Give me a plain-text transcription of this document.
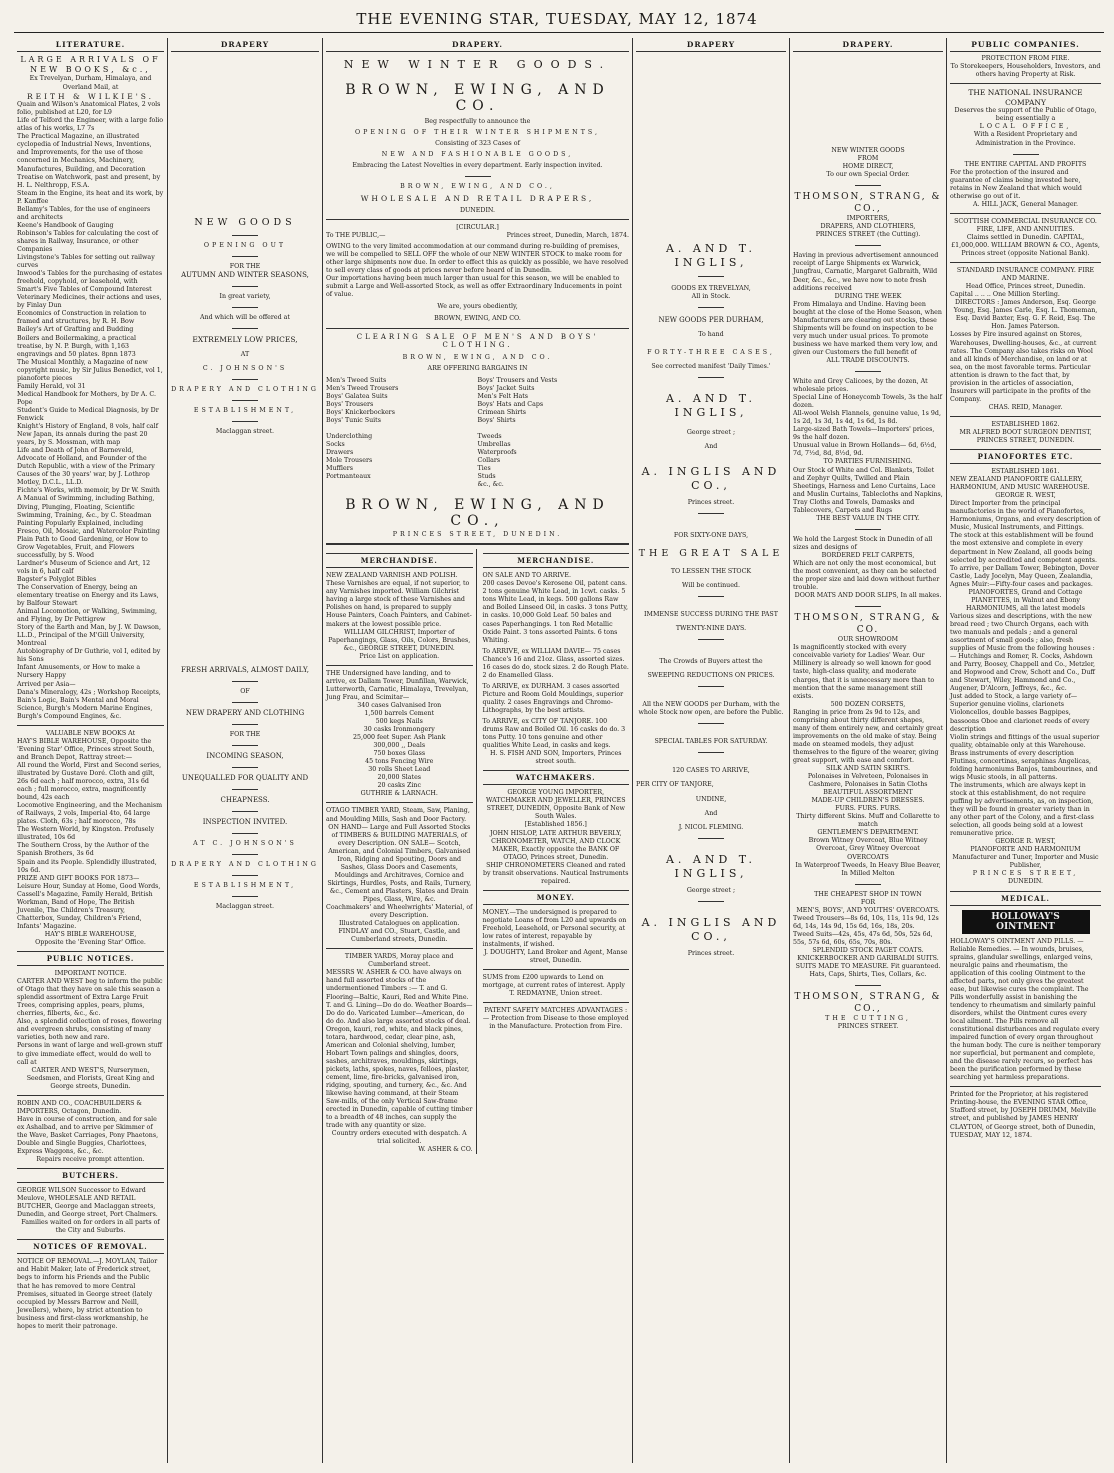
THE EVENING STAR, TUESDAY, MAY 12, 1874
LITERATURE.

LARGE ARRIVALS OF NEW BOOKS, &c.,

Ex Trevelyan, Durham, Himalaya, and Overland Mail, at

REITH & WILKIE'S.

Quain and Wilson's Anatomical Plates, 2 vols folio, published at L20, for L9

Life of Telford the Engineer, with a large folio atlas of his works, L7 7s

The Practical Magazine, an illustrated cyclopedia of Industrial News, Inventions, and Improvements, for the use of those concerned in Mechanics, Machinery, Manufactures, Building, and Decoration

Treatise on Watchwork, past and present, by H. L. Nelthropp, F.S.A.

Steam in the Engine, its heat and its work, by P. Kanffee

Bellamy's Tables, for the use of engineers and architects

Keene's Handbook of Gauging

Robinson's Tables for calculating the cost of shares in Railway, Insurance, or other Companies

Livingstone's Tables for setting out railway curves

Inwood's Tables for the purchasing of estates freehold, copyhold, or leasehold, with Smart's Five Tables of Compound Interest

Veterinary Medicines, their actions and uses, by Finlay Dun

Economics of Construction in relation to framed and structures, by R. H. Bow

Bailey's Art of Grafting and Budding

Boilers and Boilermaking, a practical treatise, by N. P. Burgh, with 1,163 engravings and 50 plates. 8pnn 1873

The Musical Monthly, a Magazine of new copyright music, by Sir Julius Benedict, vol 1, pianoforte pieces

Family Herald, vol 31

Medical Handbook for Mothers, by Dr A. C. Pope

Student's Guide to Medical Diagnosis, by Dr Fenwick

Knight's History of England, 8 vols, half calf

New Japan, its annals during the past 20 years, by S. Mossman, with map

Life and Death of John of Barneveld, Advocate of Holland, and Founder of the Dutch Republic, with a view of the Primary Causes of the 30 years' war, by J. Lothrop Motley, D.C.L., LL.D.

Fichte's Works, with memoir, by Dr W. Smith

A Manual of Swimming, including Bathing, Diving, Plunging, Floating, Scientific Swimming, Training, &c., by C. Steadman

Painting Popularly Explained, including Fresco, Oil, Mosaic, and Watercolor Painting

Plain Path to Good Gardening, or How to Grow Vegetables, Fruit, and Flowers successfully, by S. Wood

Lardner's Museum of Science and Art, 12 vols in 6, half calf

Bagster's Polyglot Bibles

The Conservation of Energy, being an elementary treatise on Energy and its Laws, by Balfour Stewart

Animal Locomotion, or Walking, Swimming, and Flying, by Dr Pettigrew

Story of the Earth and Man, by J. W. Dawson, LL.D., Principal of the M'Gill University, Montreal

Autobiography of Dr Guthrie, vol I, edited by his Sons

Infant Amusements, or How to make a Nursery Happy

Arrived per Asia—

Dana's Mineralogy, 42s ; Workshop Receipts, Bain's Logic, Bain's Mental and Moral Science, Burgh's Modern Marine Engines, Burgh's Compound Engines, &c.

VALUABLE NEW BOOKS At

HAY'S BIBLE WAREHOUSE, Opposite the 'Evening Star' Office, Princes street South, and Branch Depot, Rattray street:—

All round the World, First and Second series, illustrated by Gustave Doré. Cloth and gilt, 26s 6d each ; half morocco, extra, 31s 6d each ; full morocco, extra, magnificently bound, 42s each

Locomotive Engineering, and the Mechanism of Railways, 2 vols, Imperial 4to, 64 large plates. Cloth, 63s ; half morocco, 78s

The Western World, by Kingston. Profusely illustrated, 10s 6d

The Southern Cross, by the Author of the Spanish Brothers, 3s 6d

Spain and its People. Splendidly illustrated, 10s 6d.

PRIZE AND GIFT BOOKS FOR 1873— Leisure Hour, Sunday at Home, Good Words, Cassell's Magazine, Family Herald, British Workman, Band of Hope, The British Juvenile, The Children's Treasury, Chatterbox, Sunday, Children's Friend, Infants' Magazine.

HAY'S BIBLE WAREHOUSE,

Opposite the 'Evening Star' Office.

PUBLIC NOTICES.

IMPORTANT NOTICE.

CARTER AND WEST beg to inform the public of Otago that they have on sale this season a splendid assortment of Extra Large Fruit Trees, comprising apples, pears, plums, cherries, filberts, &c., &c.

Also, a splendid collection of roses, flowering and evergreen shrubs, consisting of many varieties, both new and rare.

Persons in want of large and well-grown stuff to give immediate effect, would do well to call at

CARTER AND WEST'S, Nurserymen, Seedsmen, and Florists, Great King and George streets, Dunedin.

ROBIN AND CO., COACHBUILDERS & IMPORTERS, Octagon, Dunedin.

Have in course of construction, and for sale ex Ashalbad, and to arrive per Skimmer of the Wave, Basket Carriages, Pony Phaetons, Double and Single Buggies, Charlottees, Express Waggons, &c., &c.

Repairs receive prompt attention.

BUTCHERS.

GEORGE WILSON Successor to Edward Meulove, WHOLESALE AND RETAIL BUTCHER, George and Maclaggan streets, Dunedin, and George street, Port Chalmers.

Families waited on for orders in all parts of the City and Suburbs.

NOTICES OF REMOVAL.

NOTICE OF REMOVAL.—J. MOYLAN, Tailor and Habit Maker, late of Frederick street, begs to inform his Friends and the Public that he has removed to more Central Premises, situated in George street (lately occupied by Messrs Barrow and Neill, Jewellers), where, by strict attention to business and first-class workmanship, he hopes to merit their patronage.

DRAPERY

NEW GOODS

OPENING OUT

FOR THE

AUTUMN AND WINTER SEASONS,

In great variety,

And which will be offered at

EXTREMELY LOW PRICES,

AT

C. JOHNSON'S

DRAPERY AND CLOTHING

ESTABLISHMENT,

Maclaggan street.

FRESH ARRIVALS, ALMOST DAILY,

OF

NEW DRAPERY AND CLOTHING

FOR THE

INCOMING SEASON,

UNEQUALLED FOR QUALITY AND

CHEAPNESS.

INSPECTION INVITED.

AT C. JOHNSON'S

DRAPERY AND CLOTHING

ESTABLISHMENT,

Maclaggan street.

DRAPERY.

NEW WINTER GOODS.

BROWN, EWING, AND CO.

Beg respectfully to announce the

OPENING OF THEIR WINTER SHIPMENTS,

Consisting of 323 Cases of

NEW AND FASHIONABLE GOODS,

Embracing the Latest Novelties in every department. Early inspection invited.

BROWN, EWING, AND CO.,

WHOLESALE AND RETAIL DRAPERS,

DUNEDIN.

[CIRCULAR.]

To THE PUBLIC,—	Princes street, Dunedin, March, 1874.

OWING to the very limited accommodation at our command during re-building of premises, we will be compelled to SELL OFF the whole of our NEW WINTER STOCK to make room for other large shipments now due. In order to effect this as quickly as possible, we have resolved to sell every class of goods at prices never before heard of in Dunedin.

Our importations having been much larger than usual for this season, we will be enabled to submit a Large and Well-assorted Stock, as well as offer Extraordinary Inducements in point of value.

We are, yours obediently,

BROWN, EWING, AND CO.

CLEARING SALE OF MEN'S AND BOYS' CLOTHING.

BROWN, EWING, AND CO.

ARE OFFERING BARGAINS IN

Men's Tweed Suits

Men's Tweed Trousers

Boys' Galatea Suits

Boys' Trousers

Boys' Knickerbockers

Boys' Tunic Suits

Underclothing

Socks

Drawers

Mole Trousers

Mufflers

Portmanteaux

Boys' Trousers and Vests

Boys' Jacket Suits

Men's Felt Hats

Boys' Hats and Caps

Crimean Shirts

Boys' Shirts

Tweeds

Umbrellas

Waterproofs

Collars

Ties

Studs

&c., &c.

BROWN, EWING, AND CO.,

PRINCES STREET, DUNEDIN.

MERCHANDISE.

NEW ZEALAND VARNISH AND POLISH.

These Varnishes are equal, if not superior, to any Varnishes imported. William Gilchrist having a large stock of these Varnishes and Polishes on hand, is prepared to supply House Painters, Coach Painters, and Cabinet-makers at the lowest possible price.

WILLIAM GILCHRIST, Importer of Paperhangings, Glass, Oils, Colors, Brushes, &c., GEORGE STREET, DUNEDIN.

Price List on application.

THE Undersigned have landing, and to arrive, ex Dallam Tower, Dunfillan, Warwick, Lutterworth, Carnatic, Himalaya, Trevelyan, Jung Frau, and Scimitar—

340 cases Galvanised Iron

1,500 barrels Cement

500 kegs Nails

30 casks Ironmongery

25,000 feet Super. Ash Plank

300,000 ,, Deals

750 boxes Glass

45 tons Fencing Wire

30 rolls Sheet Lead

20,000 Slates

20 casks Zinc

GUTHRIE & LARNACH.

OTAGO TIMBER YARD, Steam, Saw, Planing, and Moulding Mills, Sash and Door Factory.

ON HAND— Large and Full Assorted Stocks of TIMBERS & BUILDING MATERIALS, of every Description. ON SALE— Scotch, American, and Colonial Timbers, Galvanised Iron, Ridging and Spouting, Doors and Sashes, Glass Doors and Casements, Mouldings and Architraves, Cornice and Skirtings, Hurdles, Posts, and Rails, Turnery, &c., Cement and Plasters, Slates and Drain Pipes, Glass, Wire, &c.

Coachmakers' and Wheelwrights' Material, of every Description.

Illustrated Catalogues on application. FINDLAY and CO., Stuart, Castle, and Cumberland streets, Dunedin.

TIMBER YARDS, Moray place and Cumberland street.

MESSRS W. ASHER & CO. have always on hand full assorted stocks of the undermentioned Timbers :— T. and G. Flooring—Baltic, Kauri, Red and White Pine. T. and G. Lining—Do do do. Weather Boards—Do do do. Varicated Lumber—American, do do do. And also large assorted stocks of deal. Oregon, kauri, red, white, and black pines, totara, hardwood, cedar, clear pine, ash, American and Colonial shelving, lumber, Hobart Town palings and shingles, doors, sashes, architraves, mouldings, skirtings, pickets, laths, spokes, naves, felloes, plaster, cement, lime, fire-bricks, galvanised iron, ridging, spouting, and turnery, &c., &c. And likewise having command, at their Steam Saw-mills, of the only Vertical Saw-frame erected in Dunedin, capable of cutting timber to a breadth of 48 inches, can supply the trade with any quantity or size.

Country orders executed with despatch. A trial solicited.

W. ASHER & CO.

MERCHANDISE.

ON SALE AND TO ARRIVE.

200 cases Devoe's Kerosene Oil, patent cans. 2 tons genuine White Lead, in 1cwt. casks. 5 tons White Lead, in kegs. 500 gallons Raw and Boiled Linseed Oil, in casks. 3 tons Putty, in casks. 10,000 Gold Leaf. 50 bales and cases Paperhangings. 1 ton Red Metallic Oxide Paint. 3 tons assorted Paints. 6 tons Whiting.

To ARRIVE, ex WILLIAM DAVIE— 75 cases Chance's 16 and 21oz. Glass, assorted sizes. 16 cases do do, stock sizes. 2 do Rough Plate. 2 do Enamelled Glass.

To ARRIVE, ex DURHAM. 3 cases assorted Picture and Room Gold Mouldings, superior quality. 2 cases Engravings and Chromo-Lithographs, by the best artists.

To ARRIVE, ex CITY OF TANJORE. 100 drums Raw and Boiled Oil. 16 casks do do. 3 tons Putty. 10 tons genuine and other qualities White Lead, in casks and kegs.

H. S. FISH AND SON, Importers, Princes street south.

WATCHMAKERS.

GEORGE YOUNG IMPORTER, WATCHMAKER AND JEWELLER, PRINCES STREET, DUNEDIN, Opposite Bank of New South Wales.

[Established 1856.]

JOHN HISLOP, LATE ARTHUR BEVERLY, CHRONOMETER, WATCH, AND CLOCK MAKER, Exactly opposite the BANK OF OTAGO, Princes street, Dunedin.

SHIP CHRONOMETERS Cleaned and rated by transit observations. Nautical Instruments repaired.

MONEY.

MONEY.—The undersigned is prepared to negotiate Loans of from L20 and upwards on Freehold, Leasehold, or Personal security, at low rates of interest, repayable by instalments, if wished.

J. DOUGHTY, Land Broker and Agent, Manse street, Dunedin.

SUMS from £200 upwards to Lend on mortgage, at current rates of interest. Apply

T. REDMAYNE, Union street.

PATENT SAFETY MATCHES ADVANTAGES :— Protection from Disease to those employed in the Manufacture. Protection from Fire.

DRAPERY

A. AND T. INGLIS,

GOODS EX TREVELYAN,

All in Stock.

NEW GOODS PER DURHAM,

To hand

FORTY-THREE CASES,

See corrected manifest 'Daily Times.'

A. AND T. INGLIS,

George street ;

And

A. INGLIS AND CO.,

Princes street.

FOR SIXTY-ONE DAYS,

THE GREAT SALE

TO LESSEN THE STOCK

Will be continued.

IMMENSE SUCCESS DURING THE PAST

TWENTY-NINE DAYS.

The Crowds of Buyers attest the

SWEEPING REDUCTIONS ON PRICES.

All the NEW GOODS per Durham, with the whole Stock now open, are before the Public.

SPECIAL TABLES FOR SATURDAY.

120 CASES TO ARRIVE,

PER CITY OF TANJORE,

UNDINE,

And

J. NICOL FLEMING.

A. AND T. INGLIS,

George street ;

A. INGLIS AND CO.,

Princes street.

DRAPERY.

NEW WINTER GOODS

FROM

HOME DIRECT,

To our own Special Order.

THOMSON, STRANG, & CO.,

IMPORTERS,

DRAPERS, AND CLOTHIERS,

PRINCES STREET (the Cutting).

Having in previous advertisement announced receipt of Large Shipments ex Warwick, Jungfrau, Carnatic, Margaret Galbraith, Wild Deer, &c., &c., we have now to note fresh additions received

DURING THE WEEK

From Himalaya and Undine. Having been bought at the close of the Home Season, when Manufacturers are clearing out stocks, these Shipments will be found on inspection to be very much under usual prices. To promote business we have marked them very low, and given our Customers the full benefit of

ALL TRADE DISCOUNTS.

White and Grey Calicoes, by the dozen, At wholesale prices.

Special Line of Honeycomb Towels, 3s the half dozen.

All-wool Welsh Flannels, genuine value, 1s 9d, 1s 2d, 1s 3d, 1s 4d, 1s 6d, 1s 8d.

Large-sized Bath Towels—Importers' prices, 9s the half dozen.

Unusual value in Brown Hollands— 6d, 6½d, 7d, 7½d, 8d, 8½d, 9d.

TO PARTIES FURNISHING.

Our Stock of White and Col. Blankets, Toilet and Zephyr Quilts, Twilled and Plain Sheetings, Harness and Leno Curtains, Lace and Muslin Curtains, Tablecloths and Napkins, Tray Cloths and Towels, Damasks and Tablecovers, Carpets and Rugs

THE BEST VALUE IN THE CITY.

We hold the Largest Stock in Dunedin of all sizes and designs of

BORDERED FELT CARPETS,

Which are not only the most economical, but the most convenient, as they can be selected the proper size and laid down without further trouble.

DOOR MATS AND DOOR SLIPS, In all makes.

THOMSON, STRANG, & CO.

OUR SHOWROOM

Is magnificently stocked with every conceivable variety for Ladies' Wear. Our Millinery is already so well known for good taste, high-class quality, and moderate charges, that it is unnecessary more than to mention that the same management still exists.

500 DOZEN CORSETS,

Ranging in price from 2s 9d to 12s, and comprising about thirty different shapes, many of them entirely new, and certainly great improvements on the old make of stay. Being made on steamed models, they adjust themselves to the figure of the wearer, giving great support, with ease and comfort.

SILK AND SATIN SKIRTS.

Polonaises in Velveteen, Polonaises in Cashmere, Polonaises in Satin Cloths

BEAUTIFUL ASSORTMENT

MADE-UP CHILDREN'S DRESSES.

FURS. FURS. FURS.

Thirty different Skins. Muff and Collarette to match

GENTLEMEN'S DEPARTMENT.

Brown Witney Overcoat, Blue Witney Overcoat, Grey Witney Overcoat

OVERCOATS

In Waterproof Tweeds, In Heavy Blue Beaver, In Milled Melton

THE CHEAPEST SHOP IN TOWN

FOR

MEN'S, BOYS', AND YOUTHS' OVERCOATS.

Tweed Trousers—8s 6d, 10s, 11s, 11s 9d, 12s 6d, 14s, 14s 9d, 15s 6d, 16s, 18s, 20s.

Tweed Suits—42s, 45s, 47s 6d, 50s, 52s 6d, 55s, 57s 6d, 60s, 65s, 70s, 80s.

SPLENDID STOCK PAGET COATS.

KNICKERBOCKER AND GARIBALDI SUITS.

SUITS MADE TO MEASURE. Fit guaranteed.

Hats, Caps, Shirts, Ties, Collars, &c.

THOMSON, STRANG, & CO.,

THE CUTTING,

PRINCES STREET.

PUBLIC COMPANIES.

PROTECTION FROM FIRE.

To Storekeepers, Householders, Investors, and others having Property at Risk.

THE NATIONAL INSURANCE COMPANY

Deserves the support of the Public of Otago, being essentially a

LOCAL OFFICE,

With a Resident Proprietary and Administration in the Province.

THE ENTIRE CAPITAL AND PROFITS

For the protection of the insured and guarantee of claims being invested here, retains in New Zealand that which would otherwise go out of it.

A. HILL JACK, General Manager.

SCOTTISH COMMERCIAL INSURANCE CO.

FIRE, LIFE, AND ANNUITIES.

Claims settled in Dunedin. CAPITAL, £1,000,000. WILLIAM BROWN & CO., Agents, Princes street (opposite National Bank).

STANDARD INSURANCE COMPANY. FIRE AND MARINE.

Head Office, Princes street, Dunedin.

Capital .. .. .. One Million Sterling.

DIRECTORS : James Anderson, Esq. George Young, Esq. James Carle, Esq. L. Thomeman, Esq. David Baxter, Esq. G. F. Reid, Esq. The Hon. James Paterson.

Losses by Fire insured against on Stores, Warehouses, Dwelling-houses, &c., at current rates. The Company also takes risks on Wool and all kinds of Merchandise, on land or at sea, on the most favorable terms. Particular attention is drawn to the fact that, by provision in the articles of association, Insurers will participate in the profits of the Company.

CHAS. REID, Manager.

ESTABLISHED 1862.

MR ALFRED BOOT SURGEON DENTIST, PRINCES STREET, DUNEDIN.

PIANOFORTES ETC.

ESTABLISHED 1861.

NEW ZEALAND PIANOFORTE GALLERY, HARMONIUM, AND MUSIC WAREHOUSE.

GEORGE R. WEST,

Direct Importer from the principal manufactories in the world of Pianofortes, Harmoniums, Organs, and every description of Music, Musical Instruments, and Fittings.

The stock at this establishment will be found the most extensive and complete in every department in New Zealand, all goods being selected by accredited and competent agents.

To arrive, per Dallam Tower, Bebington, Dover Castle, Lady Jocelyn, May Queen, Zealandia, Agnes Muir:—Fifty-four cases and packages.

PIANOFORTES, Grand and Cottage PIANETTES, in Walnut and Ebony HARMONIUMS, all the latest models

Various sizes and descriptions, with the new bread reed ; two Church Organs, each with two manuals and pedals ; and a general assortment of small goods ; also, fresh supplies of Music from the following houses :— Hutchings and Romer, R. Cocks, Ashdown and Parry, Boosey, Chappell and Co., Metzler, and Hopwood and Crew, Schott and Co., Duff and Stewart, Wiley, Hammond and Co., Augener, D'Alcorn, Jeffreys, &c., &c.

Just added to Stock, a large variety of— Superior genuine violins, clarionets Violoncellos, double basses Bagpipes, bassoons Oboe and clarionet reeds of every description

Violin strings and fittings of the usual superior quality, obtainable only at this Warehouse. Brass instruments of every description Flutinas, concertinas, seraphinas Angelicas, folding harmoniums Banjos, tambourines, and wigs Music stools, in all patterns.

The instruments, which are always kept in stock at this establishment, do not require puffing by advertisements, as, on inspection, they will be found in greater variety than in any other part of the Colony, and a first-class selection, all goods being sold at a lowest remunerative price.

GEORGE R. WEST,

PIANOFORTE AND HARMONIUM

Manufacturer and Tuner, Importer and Music Publisher,

PRINCES STREET,

DUNEDIN.

MEDICAL.
HOLLOWAY'S OINTMENT

HOLLOWAY'S OINTMENT AND PILLS. — Reliable Remedies. — In wounds, bruises, sprains, glandular swellings, enlarged veins, neuralgic pains and rheumatism, the application of this cooling Ointment to the affected parts, not only gives the greatest ease, but likewise cures the complaint. The Pills wonderfully assist in banishing the tendency to rheumatism and similarly painful disorders, whilst the Ointment cures every local ailment. The Pills remove all constitutional disturbances and regulate every impaired function of every organ throughout the human body. The cure is neither temporary nor superficial, but permanent and complete, and the disease rarely recurs, so perfect has been the purification performed by these searching yet harmless preparations.

Printed for the Proprietor, at his registered Printing-house, the EVENING STAR Office, Stafford street, by JOSEPH DRUMM, Melville street, and published by JAMES HENRY CLAYTON, of George street, both of Dunedin, TUESDAY, MAY 12, 1874.
